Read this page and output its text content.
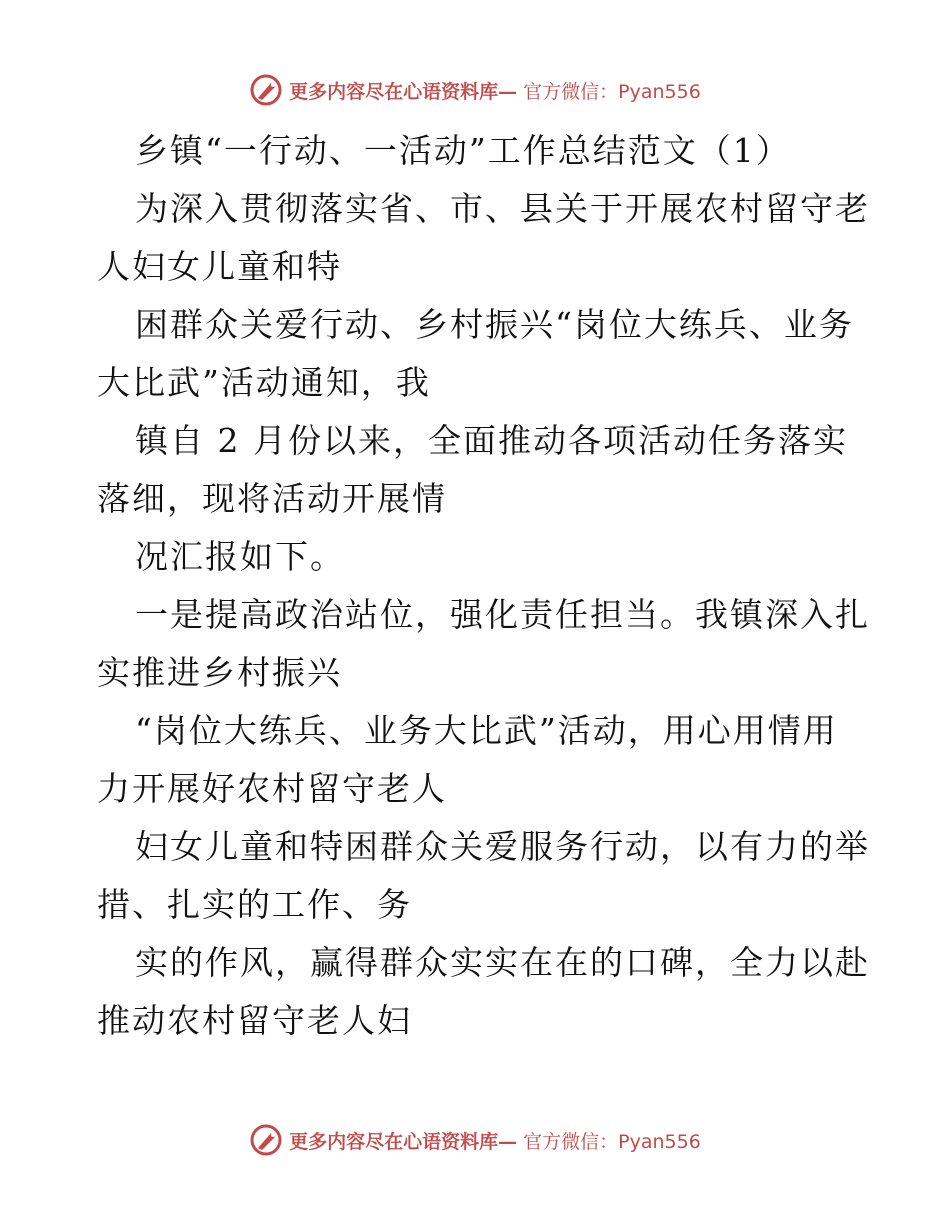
更多内容尽在心语资料库— 官方微信：Pyan556
乡镇“一行动、一活动”工作总结范文（1）
为深入贯彻落实省、市、县关于开展农村留守老
人妇女儿童和特
困群众关爱行动、乡村振兴“岗位大练兵、业务
大比武”活动通知，我
镇自 2 月份以来，全面推动各项活动任务落实
落细，现将活动开展情
况汇报如下。
一是提高政治站位，强化责任担当。我镇深入扎
实推进乡村振兴
“岗位大练兵、业务大比武”活动，用心用情用
力开展好农村留守老人
妇女儿童和特困群众关爱服务行动，以有力的举
措、扎实的工作、务
实的作风，赢得群众实实在在的口碑，全力以赴
推动农村留守老人妇
更多内容尽在心语资料库— 官方微信：Pyan556
